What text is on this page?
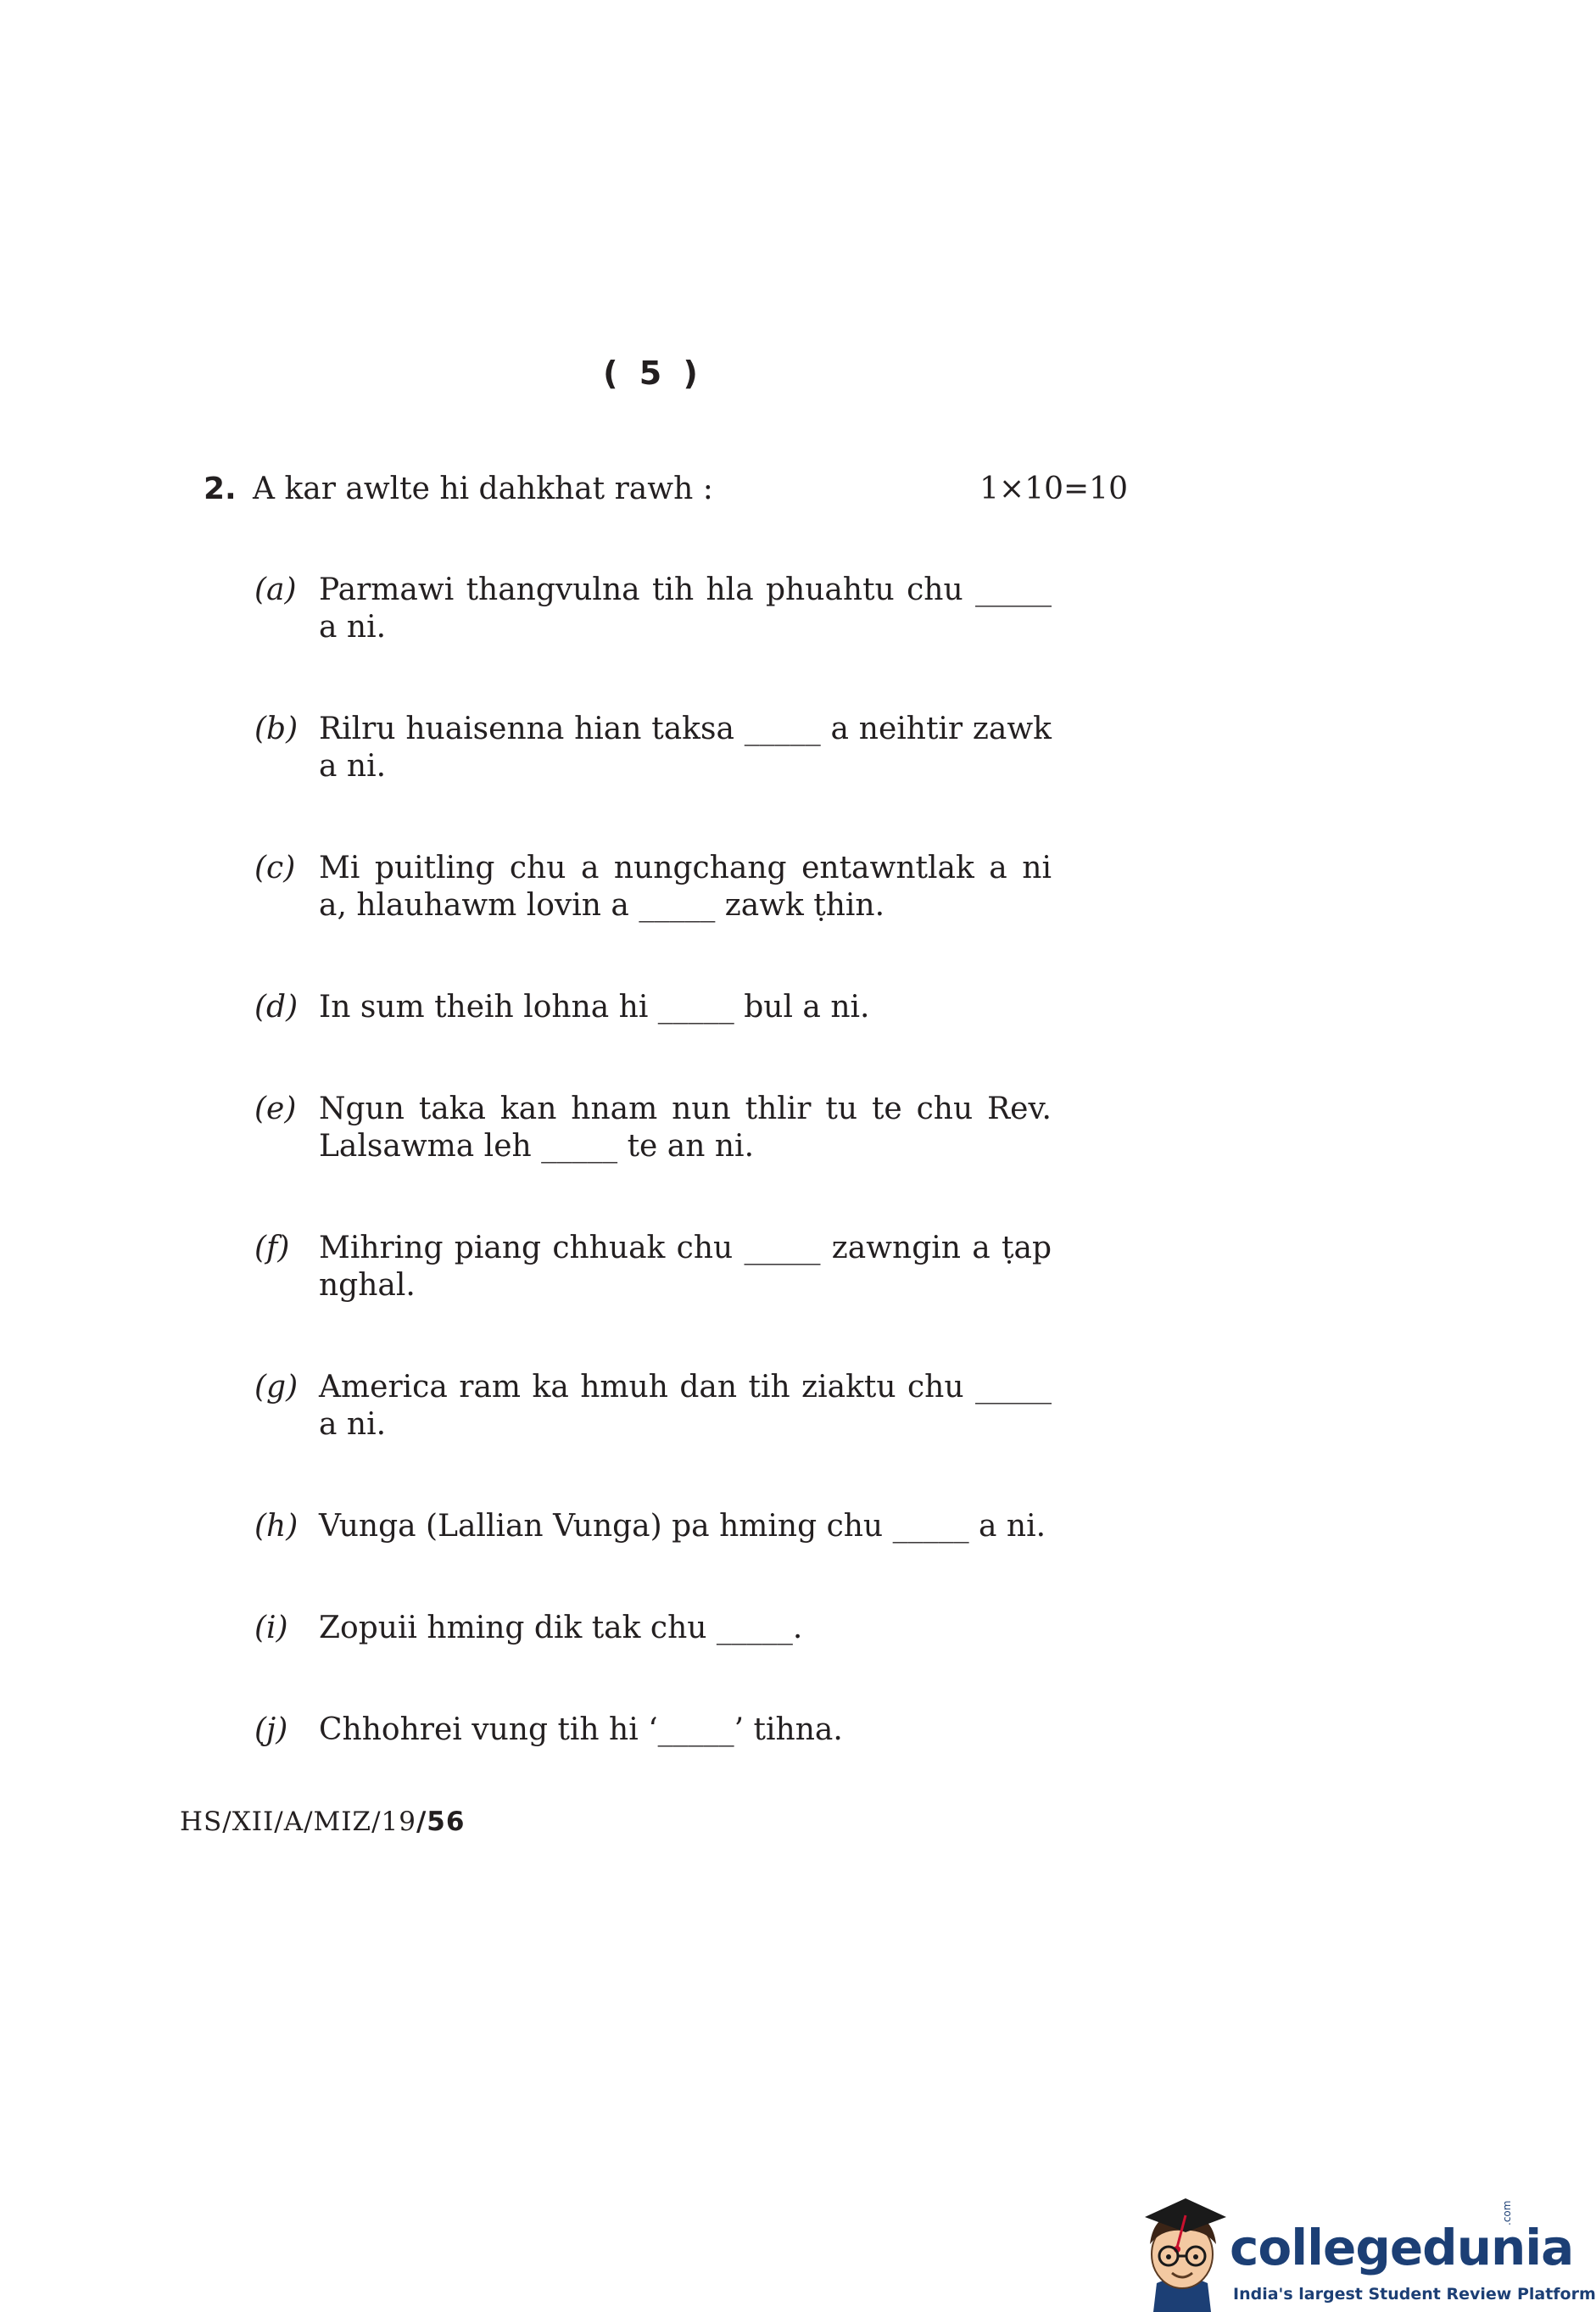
( 5 )
2. A kar awlte hi dahkhat rawh :	1×10=10
(a) Parmawi thangvulna tih hla phuahtu chu _____ a ni.
(b) Rilru huaisenna hian taksa _____ a neihtir zawk a ni.
(c) Mi puitling chu a nungchang entawntlak a ni a, hlauhawm lovin a _____ zawk ṭhin.
(d) In sum theih lohna hi _____ bul a ni.
(e) Ngun taka kan hnam nun thlir tu te chu Rev. Lalsawma leh _____ te an ni.
(f) Mihring piang chhuak chu _____ zawngin a ṭap nghal.
(g) America ram ka hmuh dan tih ziaktu chu _____ a ni.
(h) Vunga (Lallian Vunga) pa hming chu _____ a ni.
(i) Zopuii hming dik tak chu _____.
(j) Chhohrei vung tih hi ‘_____’ tihna.
HS/XII/A/MIZ/19/56
collegedunia
.com
India's largest Student Review Platform
